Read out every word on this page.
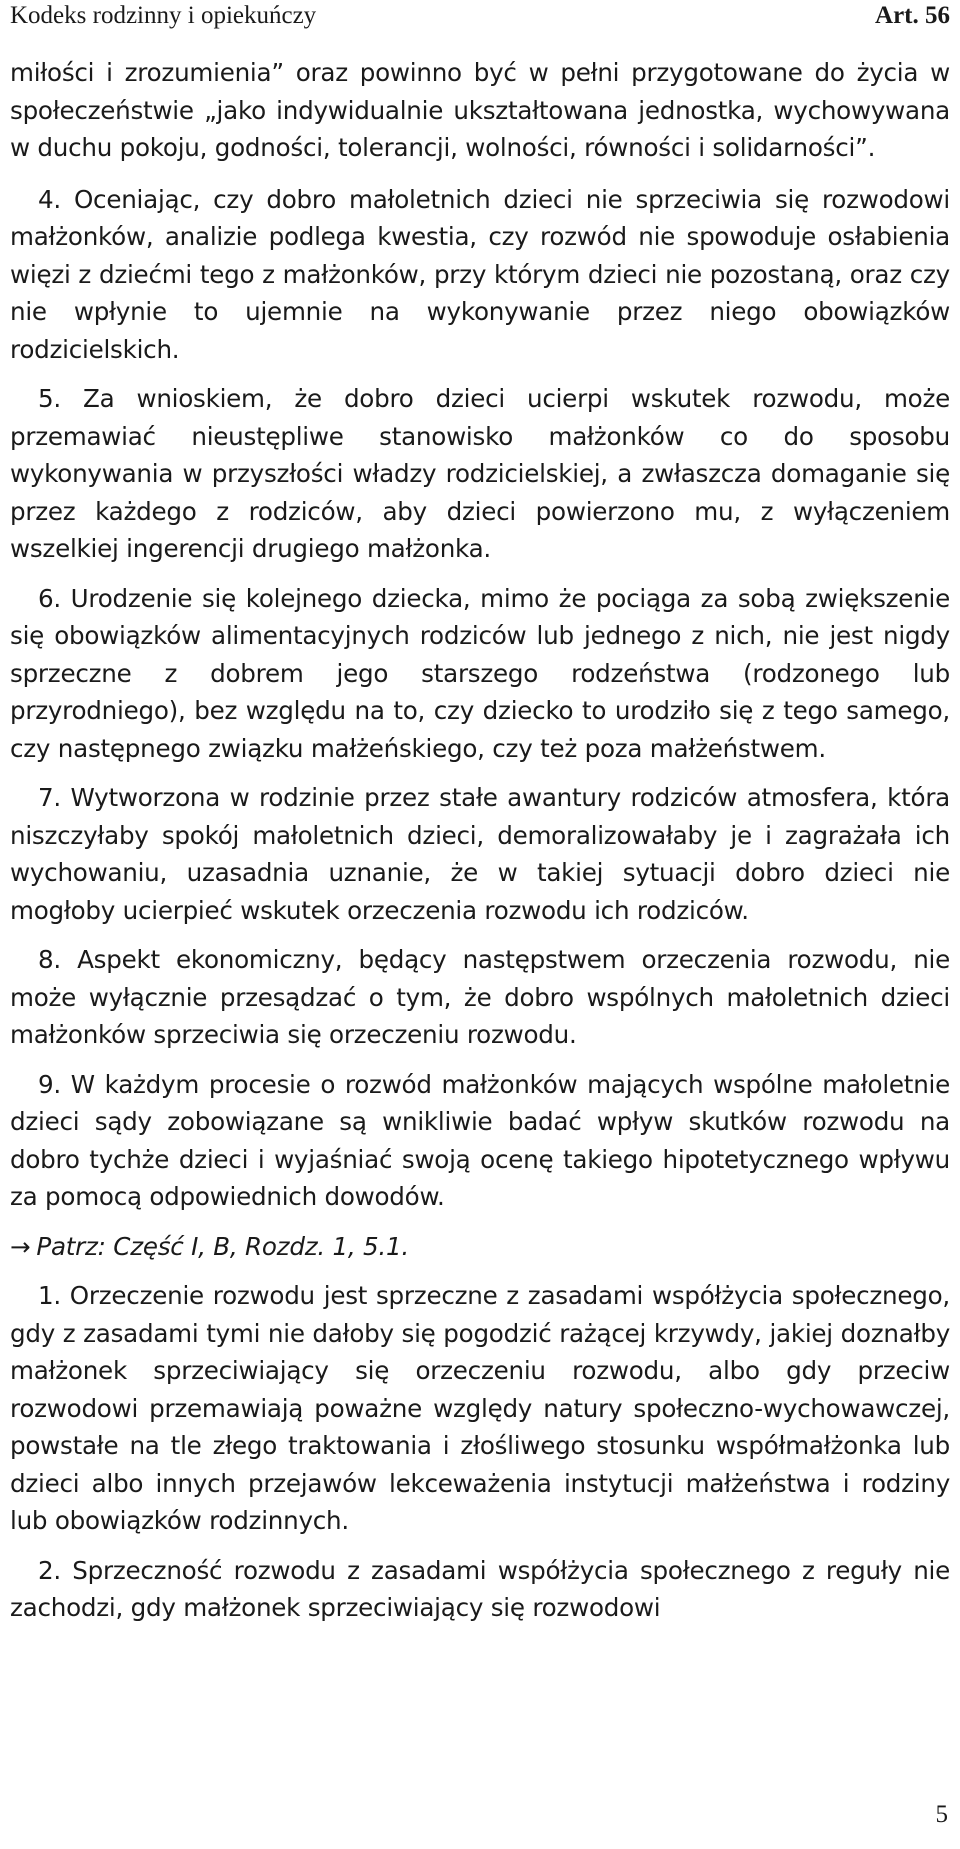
Kodeks rodzinny i opiekuńczy	Art. 56

miłości i zrozumienia” oraz powinno być w pełni przygotowane do życia w społeczeństwie „jako indywidualnie ukształtowana jednostka, wychowywana w duchu pokoju, godności, tolerancji, wolności, równości i solidarności”.

4. Oceniając, czy dobro małoletnich dzieci nie sprzeciwia się rozwodowi małżonków, analizie podlega kwestia, czy rozwód nie spowoduje osłabienia więzi z dziećmi tego z małżonków, przy którym dzieci nie pozostaną, oraz czy nie wpłynie to ujemnie na wykonywanie przez niego obowiązków rodzicielskich.

5. Za wnioskiem, że dobro dzieci ucierpi wskutek rozwodu, może przemawiać nieustępliwe stanowisko małżonków co do sposobu wykonywania w przyszłości władzy rodzicielskiej, a zwłaszcza domaganie się przez każdego z rodziców, aby dzieci powierzono mu, z wyłączeniem wszelkiej ingerencji drugiego małżonka.

6. Urodzenie się kolejnego dziecka, mimo że pociąga za sobą zwiększenie się obowiązków alimentacyjnych rodziców lub jednego z nich, nie jest nigdy sprzeczne z dobrem jego starszego rodzeństwa (rodzonego lub przyrodniego), bez względu na to, czy dziecko to urodziło się z tego samego, czy następnego związku małżeńskiego, czy też poza małżeństwem.

7. Wytworzona w rodzinie przez stałe awantury rodziców atmosfera, która niszczyłaby spokój małoletnich dzieci, demoralizowałaby je i zagrażała ich wychowaniu, uzasadnia uznanie, że w takiej sytuacji dobro dzieci nie mogłoby ucierpieć wskutek orzeczenia rozwodu ich rodziców.

8. Aspekt ekonomiczny, będący następstwem orzeczenia rozwodu, nie może wyłącznie przesądzać o tym, że dobro wspólnych małoletnich dzieci małżonków sprzeciwia się orzeczeniu rozwodu.

9. W każdym procesie o rozwód małżonków mających wspólne małoletnie dzieci sądy zobowiązane są wnikliwie badać wpływ skutków rozwodu na dobro tychże dzieci i wyjaśniać swoją ocenę takiego hipotetycznego wpływu za pomocą odpowiednich dowodów.

→ Patrz: Część I, B, Rozdz. 1, 5.1.

1. Orzeczenie rozwodu jest sprzeczne z zasadami współżycia społecznego, gdy z zasadami tymi nie dałoby się pogodzić rażącej krzywdy, jakiej doznałby małżonek sprzeciwiający się orzeczeniu rozwodu, albo gdy przeciw rozwodowi przemawiają poważne względy natury społeczno-wychowawczej, powstałe na tle złego traktowania i złośliwego stosunku współmałżonka lub dzieci albo innych przejawów lekceważenia instytucji małżeństwa i rodziny lub obowiązków rodzinnych.

2. Sprzeczność rozwodu z zasadami współżycia społecznego z reguły nie zachodzi, gdy małżonek sprzeciwiający się rozwodowi

5
